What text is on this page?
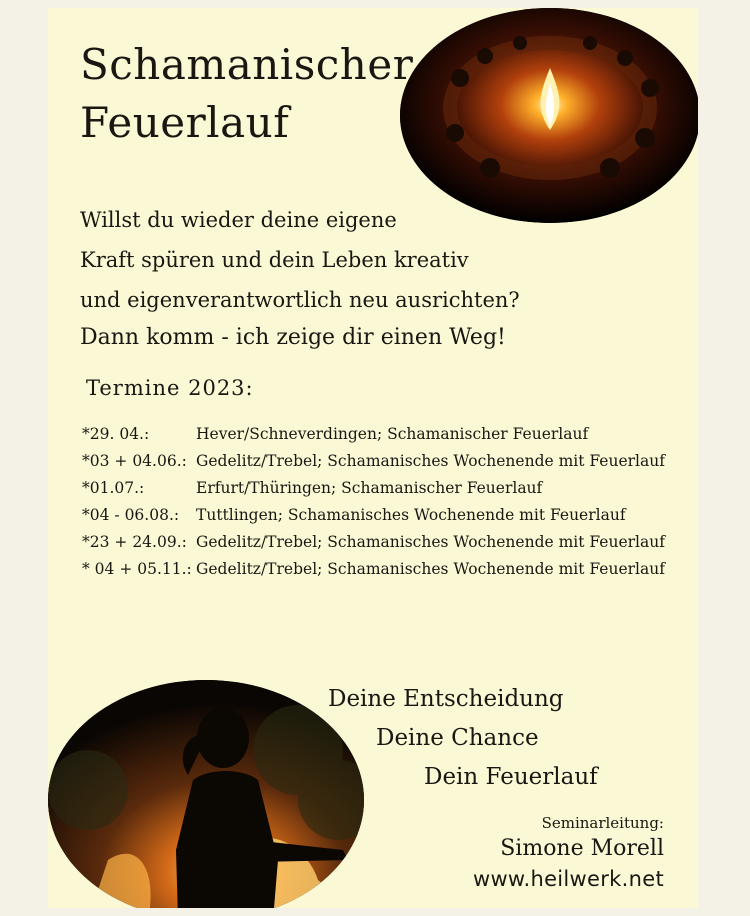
Schamanischer
Feuerlauf

Willst du wieder deine eigene
Kraft spüren und dein Leben kreativ
und eigenverantwortlich neu ausrichten?

Dann komm - ich zeige dir einen Weg!

Termine 2023:
*29. 04.:	Hever/Schneverdingen; Schamanischer Feuerlauf
*03 + 04.06.: Gedelitz/Trebel; Schamanisches Wochenende mit Feuerlauf
*01.07.:	Erfurt/Thüringen; Schamanischer Feuerlauf
*04 - 06.08.:	Tuttlingen; Schamanisches Wochenende mit Feuerlauf
*23 + 24.09.: Gedelitz/Trebel; Schamanisches Wochenende mit Feuerlauf
* 04 + 05.11.: Gedelitz/Trebel; Schamanisches Wochenende mit Feuerlauf
Deine Entscheidung
Deine Chance
Dein Feuerlauf
Seminarleitung:
Simone Morell
www.heilwerk.net
